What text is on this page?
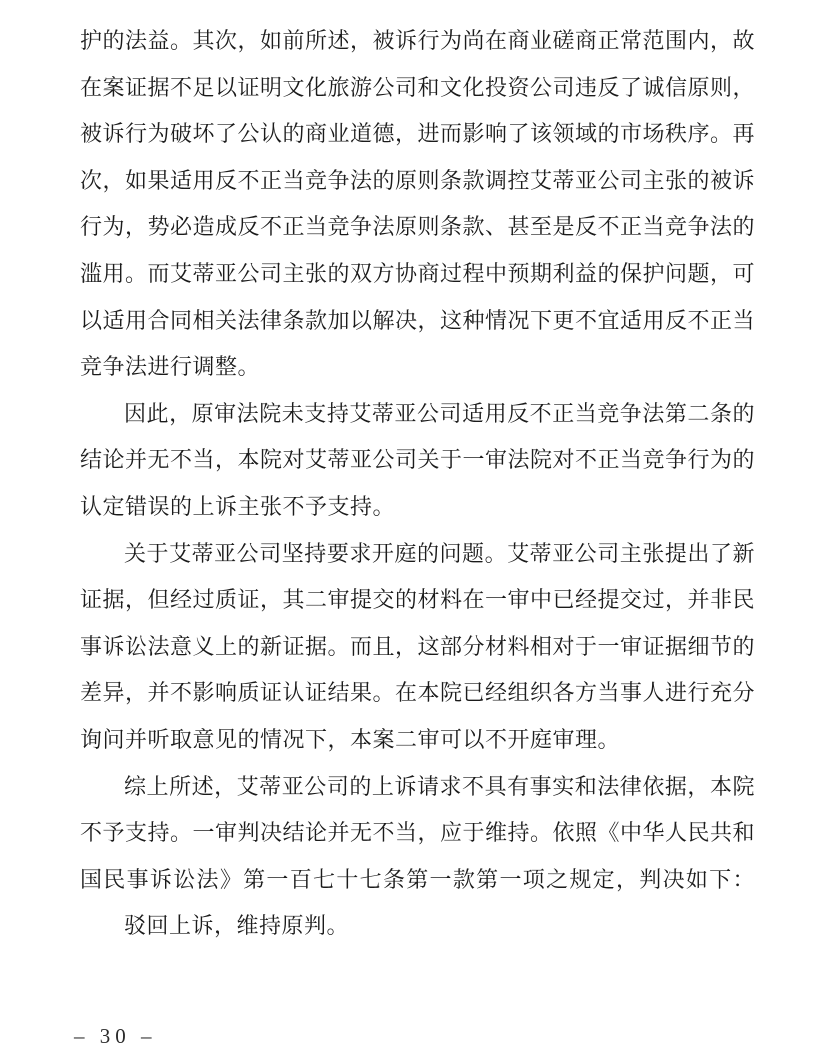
护的法益。其次，如前所述，被诉行为尚在商业磋商正常范围内，故
在案证据不足以证明文化旅游公司和文化投资公司违反了诚信原则，
被诉行为破坏了公认的商业道德，进而影响了该领域的市场秩序。再
次，如果适用反不正当竞争法的原则条款调控艾蒂亚公司主张的被诉
行为，势必造成反不正当竞争法原则条款、甚至是反不正当竞争法的
滥用。而艾蒂亚公司主张的双方协商过程中预期利益的保护问题，可
以适用合同相关法律条款加以解决，这种情况下更不宜适用反不正当
竞争法进行调整。
因此，原审法院未支持艾蒂亚公司适用反不正当竞争法第二条的
结论并无不当，本院对艾蒂亚公司关于一审法院对不正当竞争行为的
认定错误的上诉主张不予支持。
关于艾蒂亚公司坚持要求开庭的问题。艾蒂亚公司主张提出了新
证据，但经过质证，其二审提交的材料在一审中已经提交过，并非民
事诉讼法意义上的新证据。而且，这部分材料相对于一审证据细节的
差异，并不影响质证认证结果。在本院已经组织各方当事人进行充分
询问并听取意见的情况下，本案二审可以不开庭审理。
综上所述，艾蒂亚公司的上诉请求不具有事实和法律依据，本院
不予支持。一审判决结论并无不当，应于维持。依照《中华人民共和
国民事诉讼法》第一百七十七条第一款第一项之规定，判决如下：
驳回上诉，维持原判。
– 30 –
